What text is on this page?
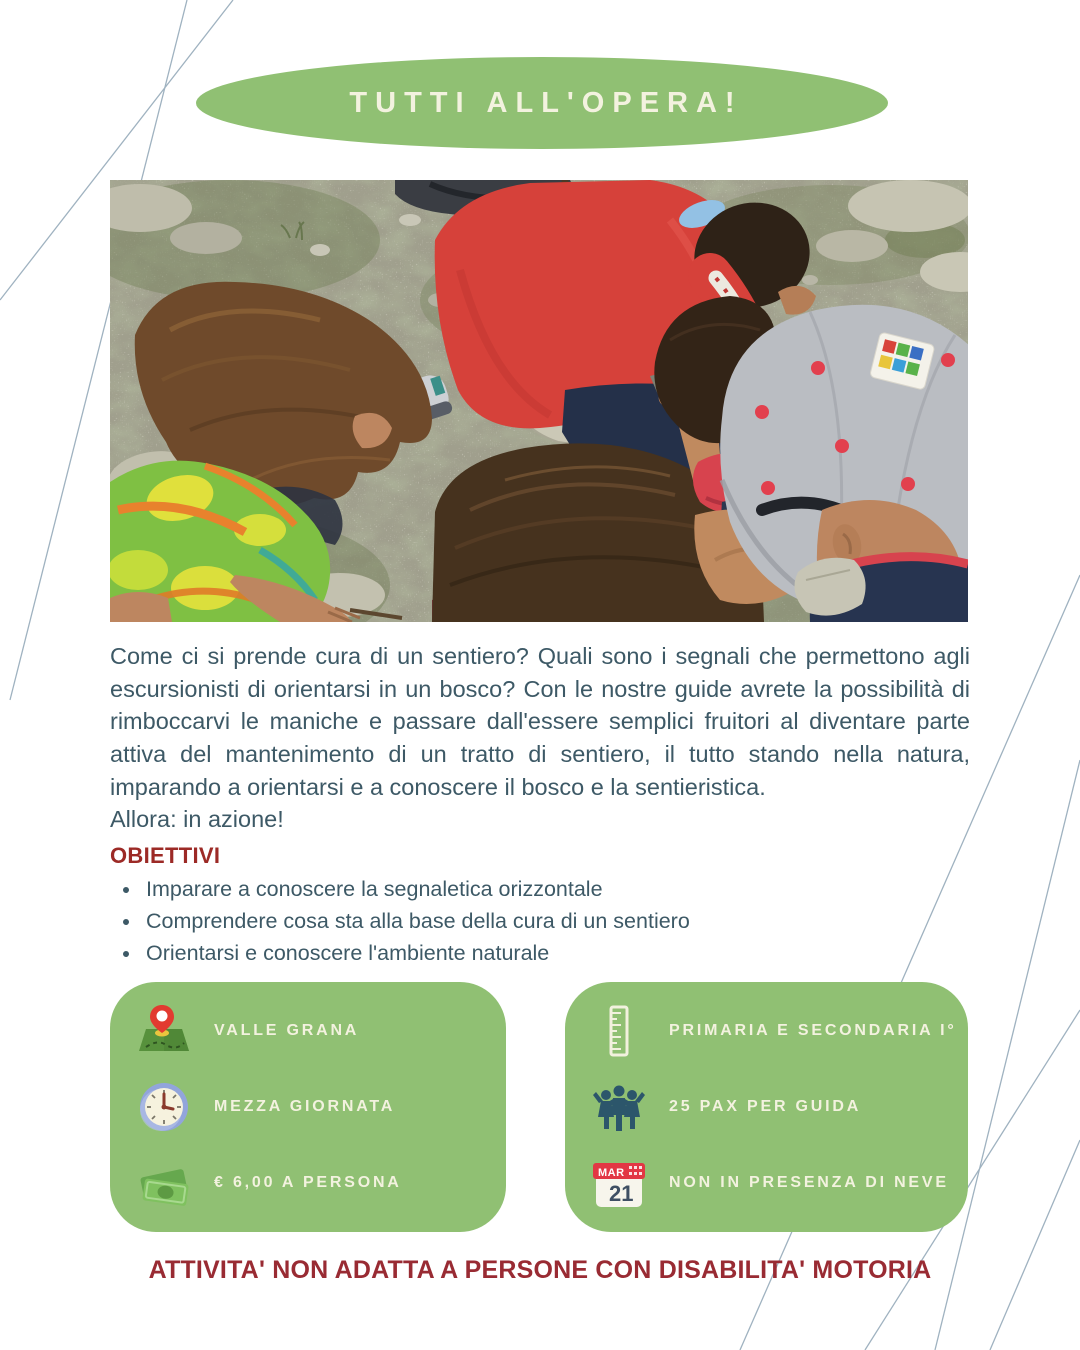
TUTTI ALL'OPERA!

Come ci si prende cura di un sentiero? Quali sono i segnali che permettono agli escursionisti di orientarsi in un bosco? Con le nostre guide avrete la possibilità di rimboccarvi le maniche e passare dall'essere semplici fruitori al diventare parte attiva del mantenimento di un tratto di sentiero, il tutto stando nella natura, imparando a orientarsi e a conoscere il bosco e la sentieristica.

Allora: in azione!

OBIETTIVI
• Imparare a conoscere la segnaletica orizzontale
• Comprendere cosa sta alla base della cura di un sentiero
• Orientarsi e conoscere l'ambiente naturale
VALLE GRANA
MEZZA GIORNATA
€ 6,00 A PERSONA
PRIMARIA E SECONDARIA I°
25 PAX PER GUIDA
MAR
21 NON IN PRESENZA DI NEVE
ATTIVITA' NON ADATTA A PERSONE CON DISABILITA' MOTORIA
